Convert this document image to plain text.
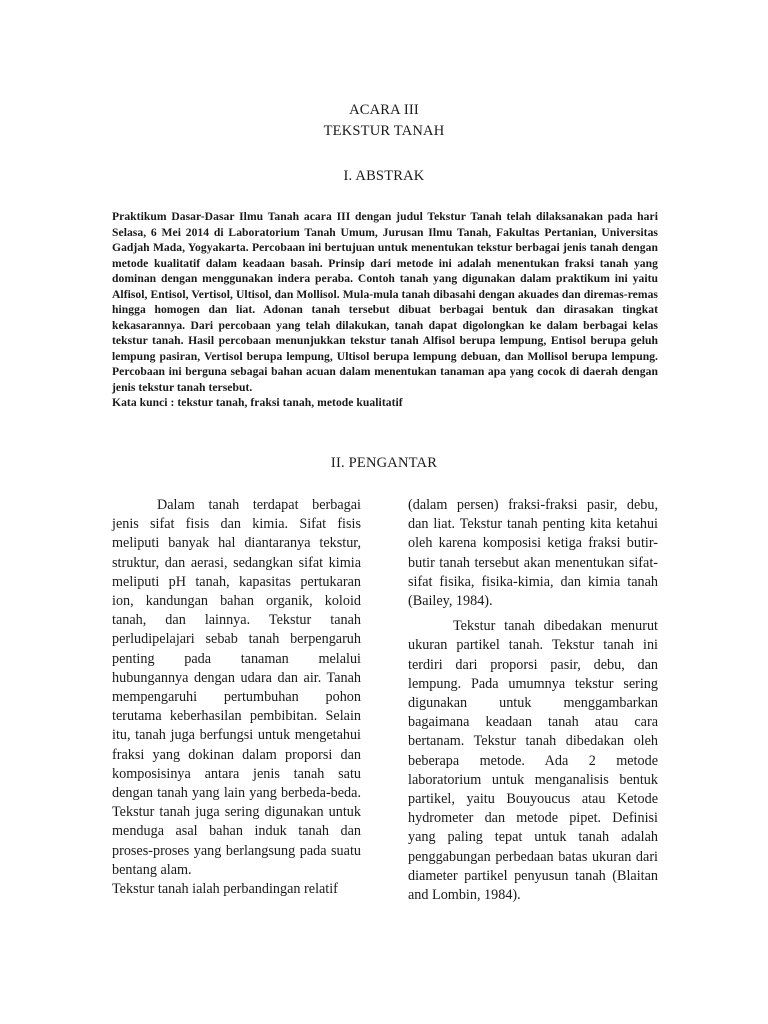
ACARA III
TEKSTUR TANAH
I. ABSTRAK

Praktikum Dasar-Dasar Ilmu Tanah acara III dengan judul Tekstur Tanah telah dilaksanakan pada hari Selasa, 6 Mei 2014 di Laboratorium Tanah Umum, Jurusan Ilmu Tanah, Fakultas Pertanian, Universitas Gadjah Mada, Yogyakarta. Percobaan ini bertujuan untuk menentukan tekstur berbagai jenis tanah dengan metode kualitatif dalam keadaan basah. Prinsip dari metode ini adalah menentukan fraksi tanah yang dominan dengan menggunakan indera peraba. Contoh tanah yang digunakan dalam praktikum ini yaitu Alfisol, Entisol, Vertisol, Ultisol, dan Mollisol. Mula-mula tanah dibasahi dengan akuades dan diremas-remas hingga homogen dan liat. Adonan tanah tersebut dibuat berbagai bentuk dan dirasakan tingkat kekasarannya. Dari percobaan yang telah dilakukan, tanah dapat digolongkan ke dalam berbagai kelas tekstur tanah. Hasil percobaan menunjukkan tekstur tanah Alfisol berupa lempung, Entisol berupa geluh lempung pasiran, Vertisol berupa lempung, Ultisol berupa lempung debuan, dan Mollisol berupa lempung. Percobaan ini berguna sebagai bahan acuan dalam menentukan tanaman apa yang cocok di daerah dengan jenis tekstur tanah tersebut.

Kata kunci : tekstur tanah, fraksi tanah, metode kualitatif

II. PENGANTAR

Dalam tanah terdapat berbagai jenis sifat fisis dan kimia. Sifat fisis meliputi banyak hal diantaranya tekstur, struktur, dan aerasi, sedangkan sifat kimia meliputi pH tanah, kapasitas pertukaran ion, kandungan bahan organik, koloid tanah, dan lainnya. Tekstur tanah perludipelajari sebab tanah berpengaruh penting pada tanaman melalui hubungannya dengan udara dan air. Tanah mempengaruhi pertumbuhan pohon terutama keberhasilan pembibitan. Selain itu, tanah juga berfungsi untuk mengetahui fraksi yang dokinan dalam proporsi dan komposisinya antara jenis tanah satu dengan tanah yang lain yang berbeda-beda. Tekstur tanah juga sering digunakan untuk menduga asal bahan induk tanah dan proses-proses yang berlangsung pada suatu bentang alam.

Tekstur tanah ialah perbandingan relatif

(dalam persen) fraksi-fraksi pasir, debu, dan liat. Tekstur tanah penting kita ketahui oleh karena komposisi ketiga fraksi butir-butir tanah tersebut akan menentukan sifat-sifat fisika, fisika-kimia, dan kimia tanah (Bailey, 1984).

Tekstur tanah dibedakan menurut ukuran partikel tanah. Tekstur tanah ini terdiri dari proporsi pasir, debu, dan lempung. Pada umumnya tekstur sering digunakan untuk menggambarkan bagaimana keadaan tanah atau cara bertanam. Tekstur tanah dibedakan oleh beberapa metode. Ada 2 metode laboratorium untuk menganalisis bentuk partikel, yaitu Bouyoucus atau Ketode hydrometer dan metode pipet. Definisi yang paling tepat untuk tanah adalah penggabungan perbedaan batas ukuran dari diameter partikel penyusun tanah (Blaitan and Lombin, 1984).
